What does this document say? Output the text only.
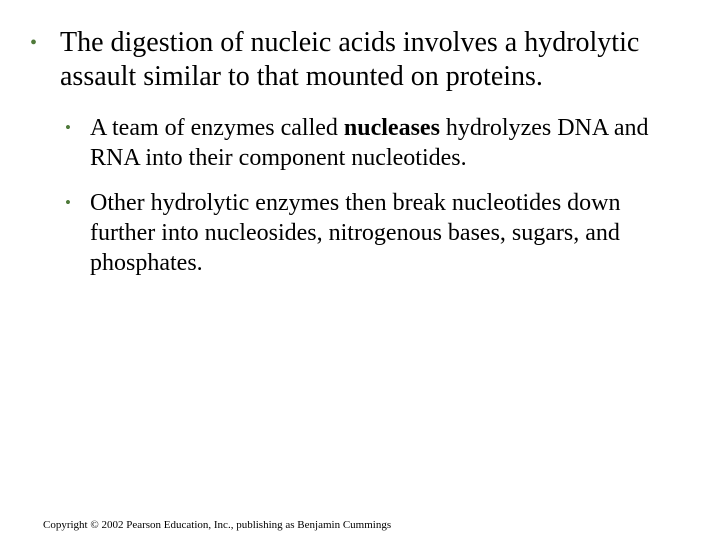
• The digestion of nucleic acids involves a hydrolytic assault similar to that mounted on proteins.
• A team of enzymes called nucleases hydrolyzes DNA and RNA into their component nucleotides.
• Other hydrolytic enzymes then break nucleotides down further into nucleosides, nitrogenous bases, sugars, and phosphates.
Copyright © 2002 Pearson Education, Inc., publishing as Benjamin Cummings
